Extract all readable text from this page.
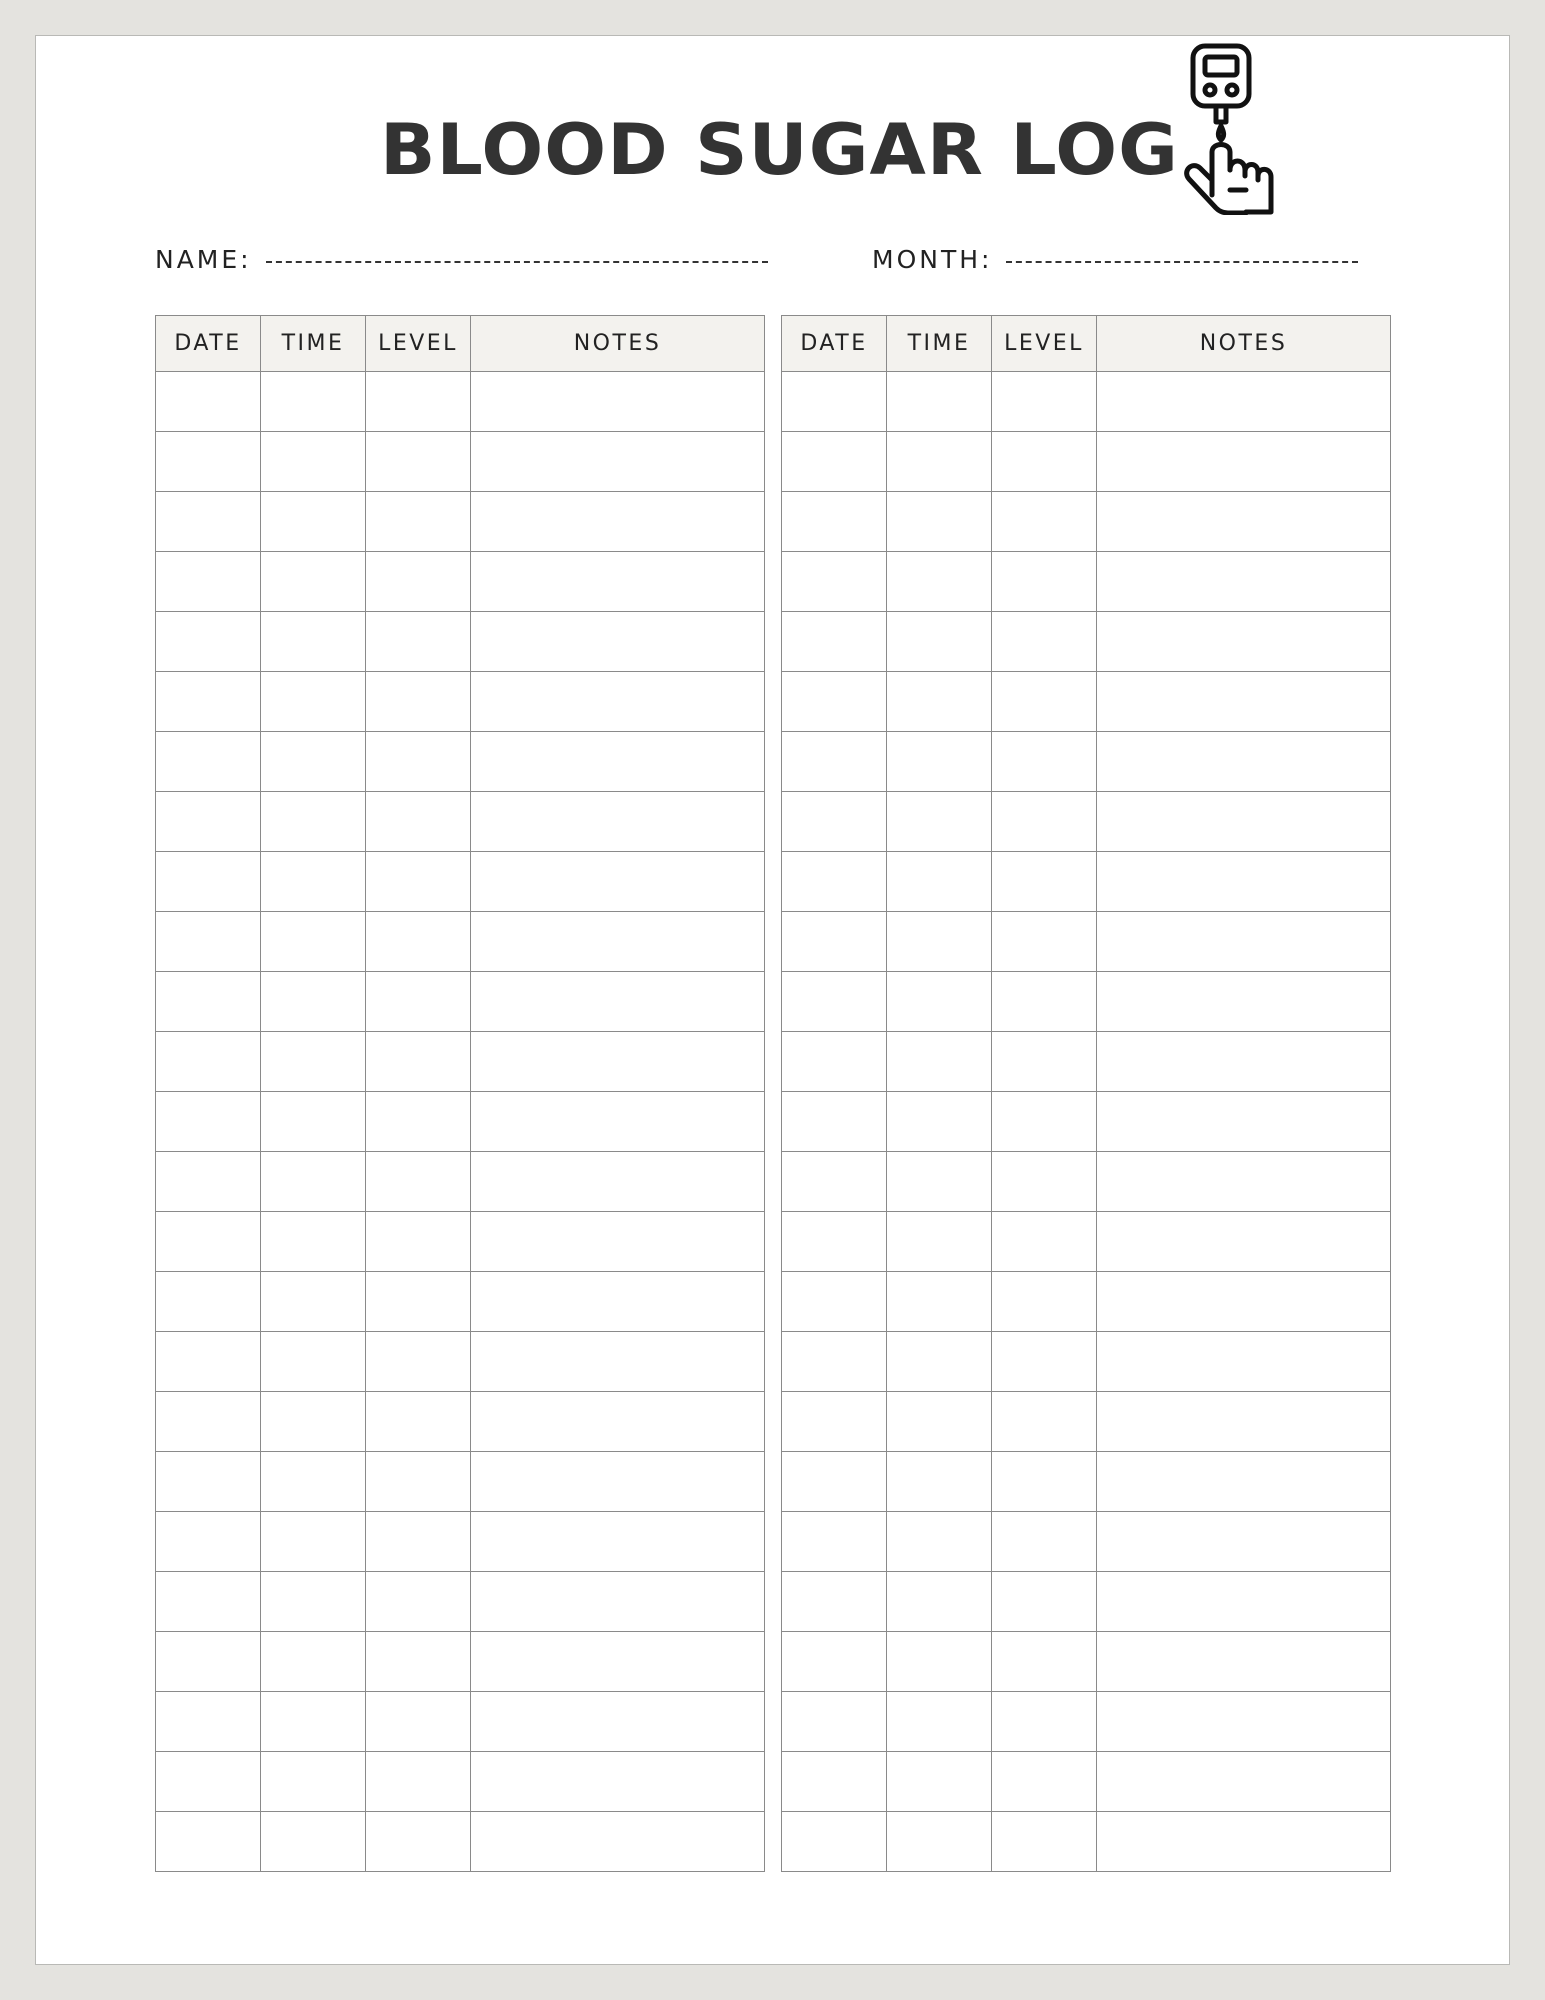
BLOOD SUGAR LOG
NAME:	MONTH:
DATE	TIME	LEVEL	NOTES

				DATE	TIME	LEVEL	NOTES
